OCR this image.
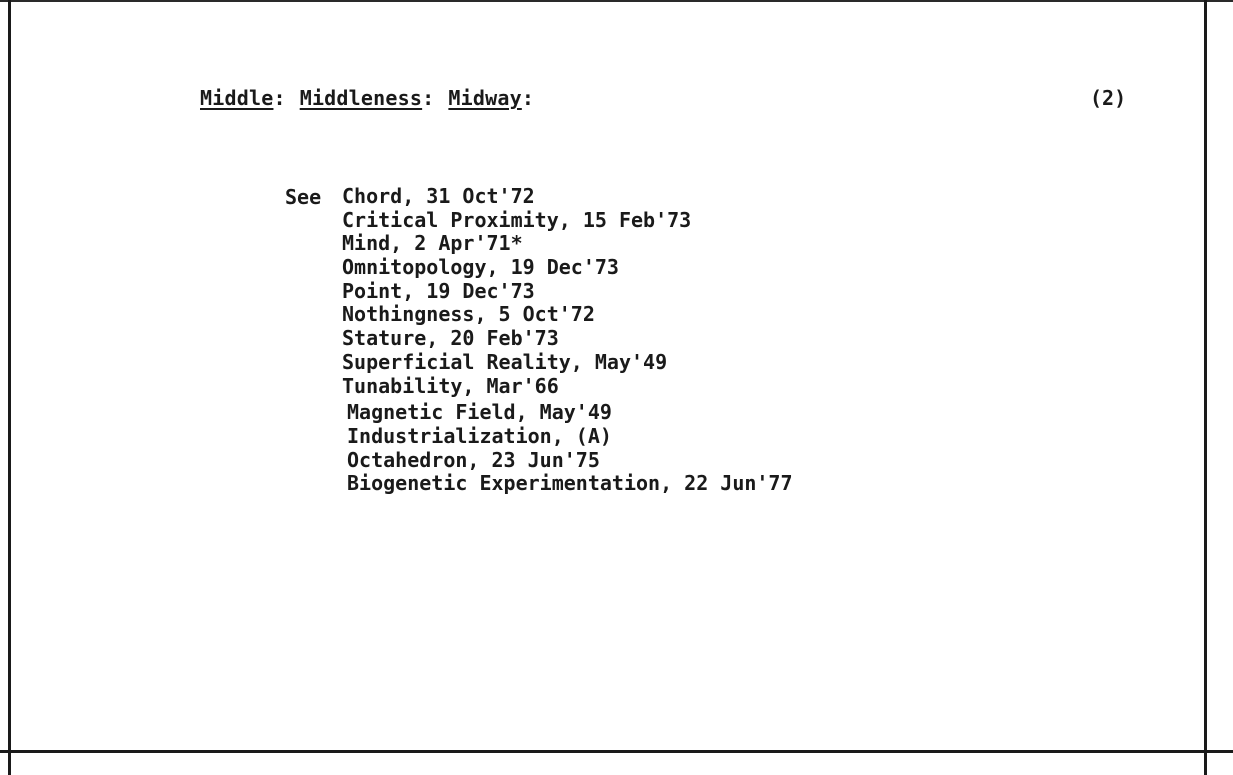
Middle: Middleness: Midway:	(2)
See Chord, 31 Oct'72
Critical Proximity, 15 Feb'73
Mind, 2 Apr'71*
Omnitopology, 19 Dec'73
Point, 19 Dec'73
Nothingness, 5 Oct'72
Stature, 20 Feb'73
Superficial Reality, May'49
Tunability, Mar'66
Magnetic Field, May'49
Industrialization, (A)
Octahedron, 23 Jun'75
Biogenetic Experimentation, 22 Jun'77
